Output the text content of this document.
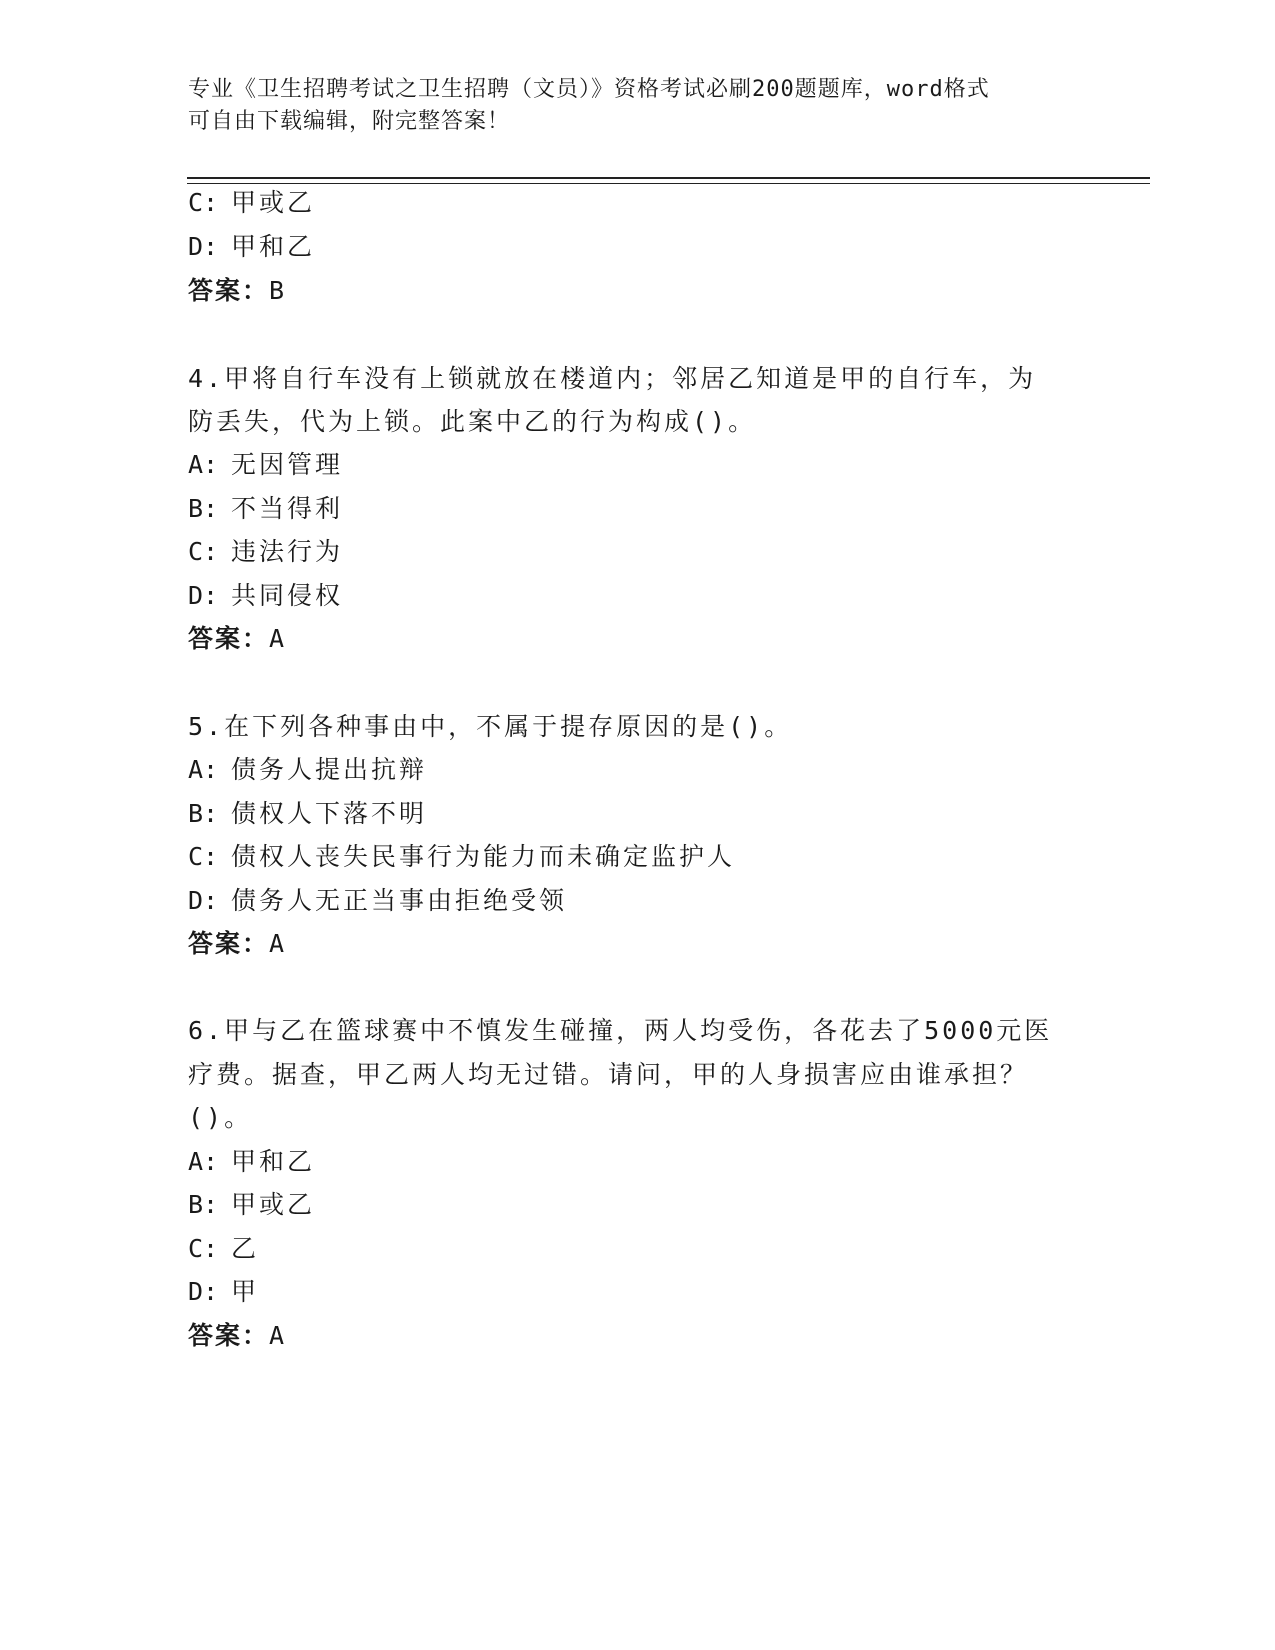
专业《卫生招聘考试之卫生招聘（文员）》资格考试必刷200题题库，word格式
可自由下载编辑，附完整答案！
C: 甲或乙
D: 甲和乙
答案：B
4.甲将自行车没有上锁就放在楼道内；邻居乙知道是甲的自行车，为
防丢失，代为上锁。此案中乙的行为构成()。
A: 无因管理
B: 不当得利
C: 违法行为
D: 共同侵权
答案：A
5.在下列各种事由中，不属于提存原因的是()。
A: 债务人提出抗辩
B: 债权人下落不明
C: 债权人丧失民事行为能力而未确定监护人
D: 债务人无正当事由拒绝受领
答案：A
6.甲与乙在篮球赛中不慎发生碰撞，两人均受伤，各花去了5000元医
疗费。据查，甲乙两人均无过错。请问，甲的人身损害应由谁承担？
()。
A: 甲和乙
B: 甲或乙
C: 乙
D: 甲
答案：A
